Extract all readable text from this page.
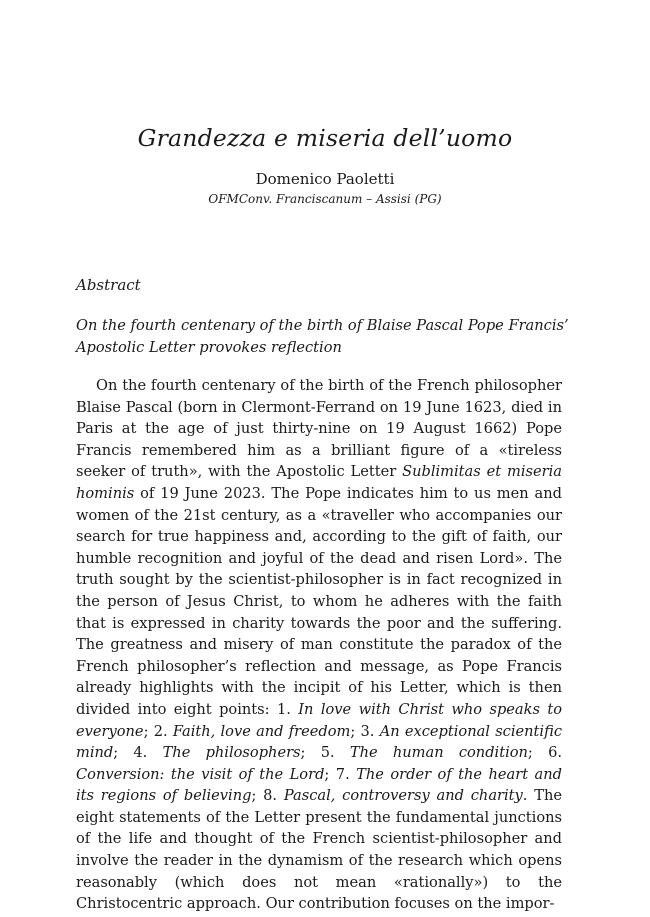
Grandezza e miseria dell’uomo
Domenico Paoletti
OFMConv. Franciscanum – Assisi (PG)
Abstract
On the fourth centenary of the birth of Blaise Pascal Pope Francis’ Apostolic Letter provokes reflection

On the fourth centenary of the birth of the French philosopher Blaise Pascal (born in Clermont-Ferrand on 19 June 1623, died in Paris at the age of just thirty-nine on 19 August 1662) Pope Francis remembered him as a brilliant figure of a «tireless seeker of truth», with the Apostolic Letter Sublimitas et miseria hominis of 19 June 2023. The Pope indicates him to us men and women of the 21st century, as a «traveller who accompanies our search for true happiness and, according to the gift of faith, our humble recognition and joyful of the dead and risen Lord». The truth sought by the scientist-philosopher is in fact recognized in the person of Jesus Christ, to whom he adheres with the faith that is expressed in charity towards the poor and the suffering. The greatness and misery of man constitute the paradox of the French philosopher’s reflection and message, as Pope Francis already highlights with the incipit of his Letter, which is then divided into eight points: 1. In love with Christ who speaks to everyone; 2. Faith, love and freedom; 3. An exceptional scientific mind; 4. The philosophers; 5. The human condition; 6. Conversion: the visit of the Lord; 7. The order of the heart and its regions of believing; 8. Pascal, controversy and charity. The eight statements of the Letter present the fundamental junctions of the life and thought of the French scientist-philosopher and involve the reader in the dynamism of the research which opens reasonably (which does not mean «rationally») to the Christocentric approach. Our contribution focuses on the impor-
